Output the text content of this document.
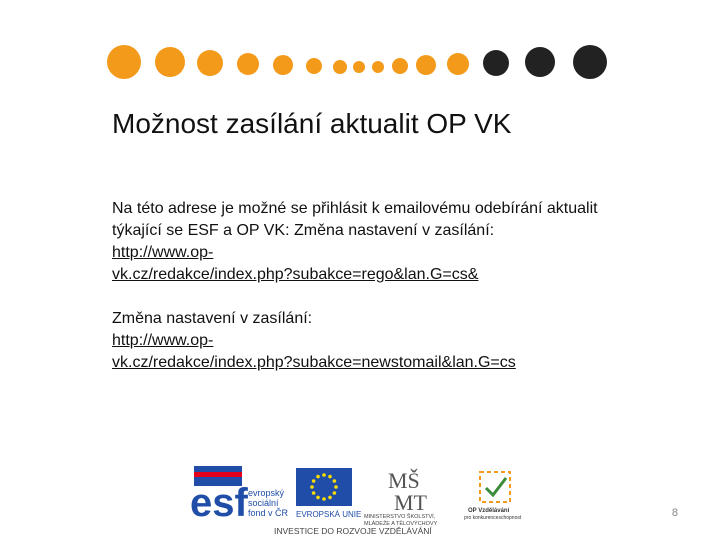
Možnost zasílání aktualit OP VK

Na této adrese je možné se přihlásit k emailovému odebírání aktualit týkající se ESF a OP VK: Změna nastavení v zasílání:

http://www.op-
vk.cz/redakce/index.php?subakce=rego&lan.G=cs&

Změna nastavení v zasílání:

http://www.op-
vk.cz/redakce/index.php?subakce=newstomail&lan.G=cs
esf evropský
sociální
fond v ČR EVROPSKÁ UNIE
MŠ
MT
MINISTERSTVO ŠKOLSTVÍ,
MLÁDEŽE A TĚLOVÝCHOVY
OP Vzdělávání
pro konkurenceschopnost
INVESTICE DO ROZVOJE VZDĚLÁVÁNÍ
8
